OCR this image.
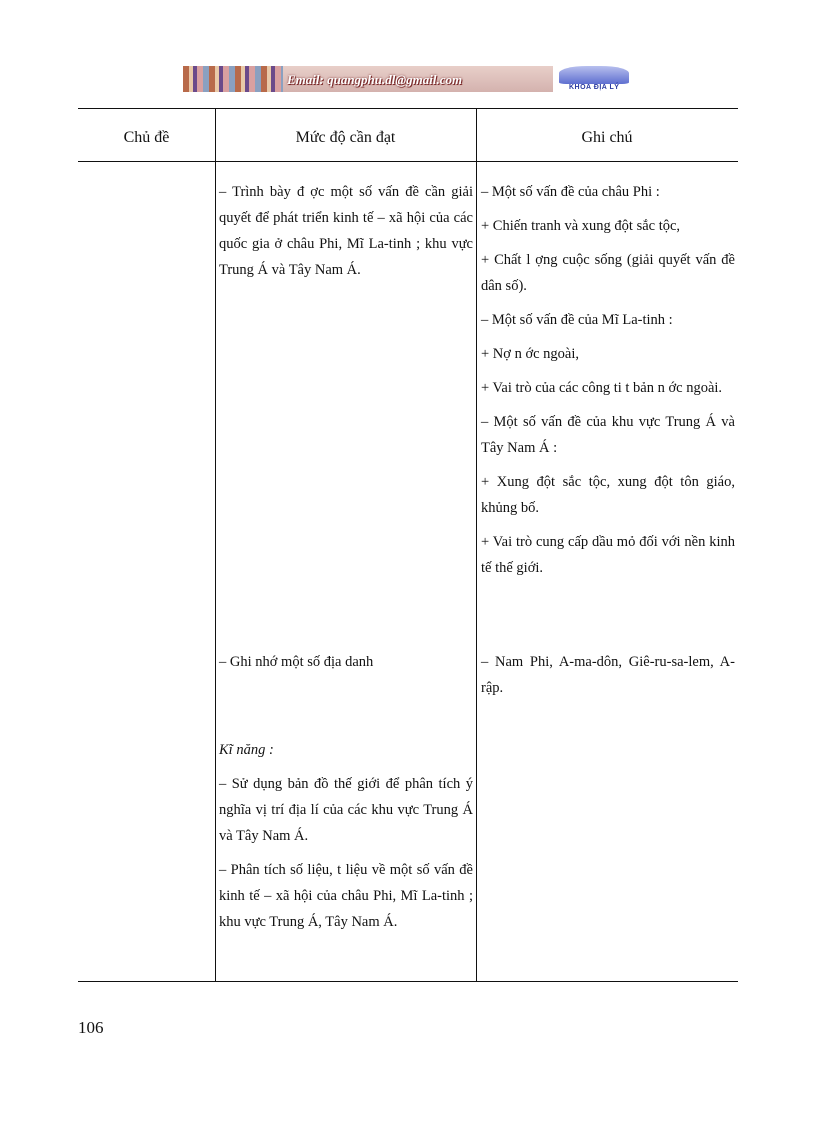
Email: quangphu.dl@gmail.com
KHOA ĐỊA LÝ
Chủ đề	Mức độ cần đạt	Ghi chú

– Trình bày đ ợc một số vấn đề cần giải quyết để phát triển kinh tế – xã hội của các quốc gia ở châu Phi, Mĩ La-tinh ; khu vực Trung Á và Tây Nam Á.

– Ghi nhớ một số địa danh

Kĩ năng :

– Sử dụng bản đồ thế giới để phân tích ý nghĩa vị trí địa lí của các khu vực Trung Á và Tây Nam Á.

– Phân tích số liệu, t liệu về một số vấn đề kinh tế – xã hội của châu Phi, Mĩ La-tinh ; khu vực Trung Á, Tây Nam Á.

– Một số vấn đề của châu Phi :

+ Chiến tranh và xung đột sắc tộc,

+ Chất l ợng cuộc sống (giải quyết vấn đề dân số).

– Một số vấn đề của Mĩ La-tinh :

+ Nợ n ớc ngoài,

+ Vai trò của các công ti t bản n ớc ngoài.

– Một số vấn đề của khu vực Trung Á và Tây Nam Á :

+ Xung đột sắc tộc, xung đột tôn giáo, khủng bố.

+ Vai trò cung cấp dầu mỏ đối với nền kinh tế thế giới.

– Nam Phi, A-ma-dôn, Giê-ru-sa-lem, A-rập.

106
